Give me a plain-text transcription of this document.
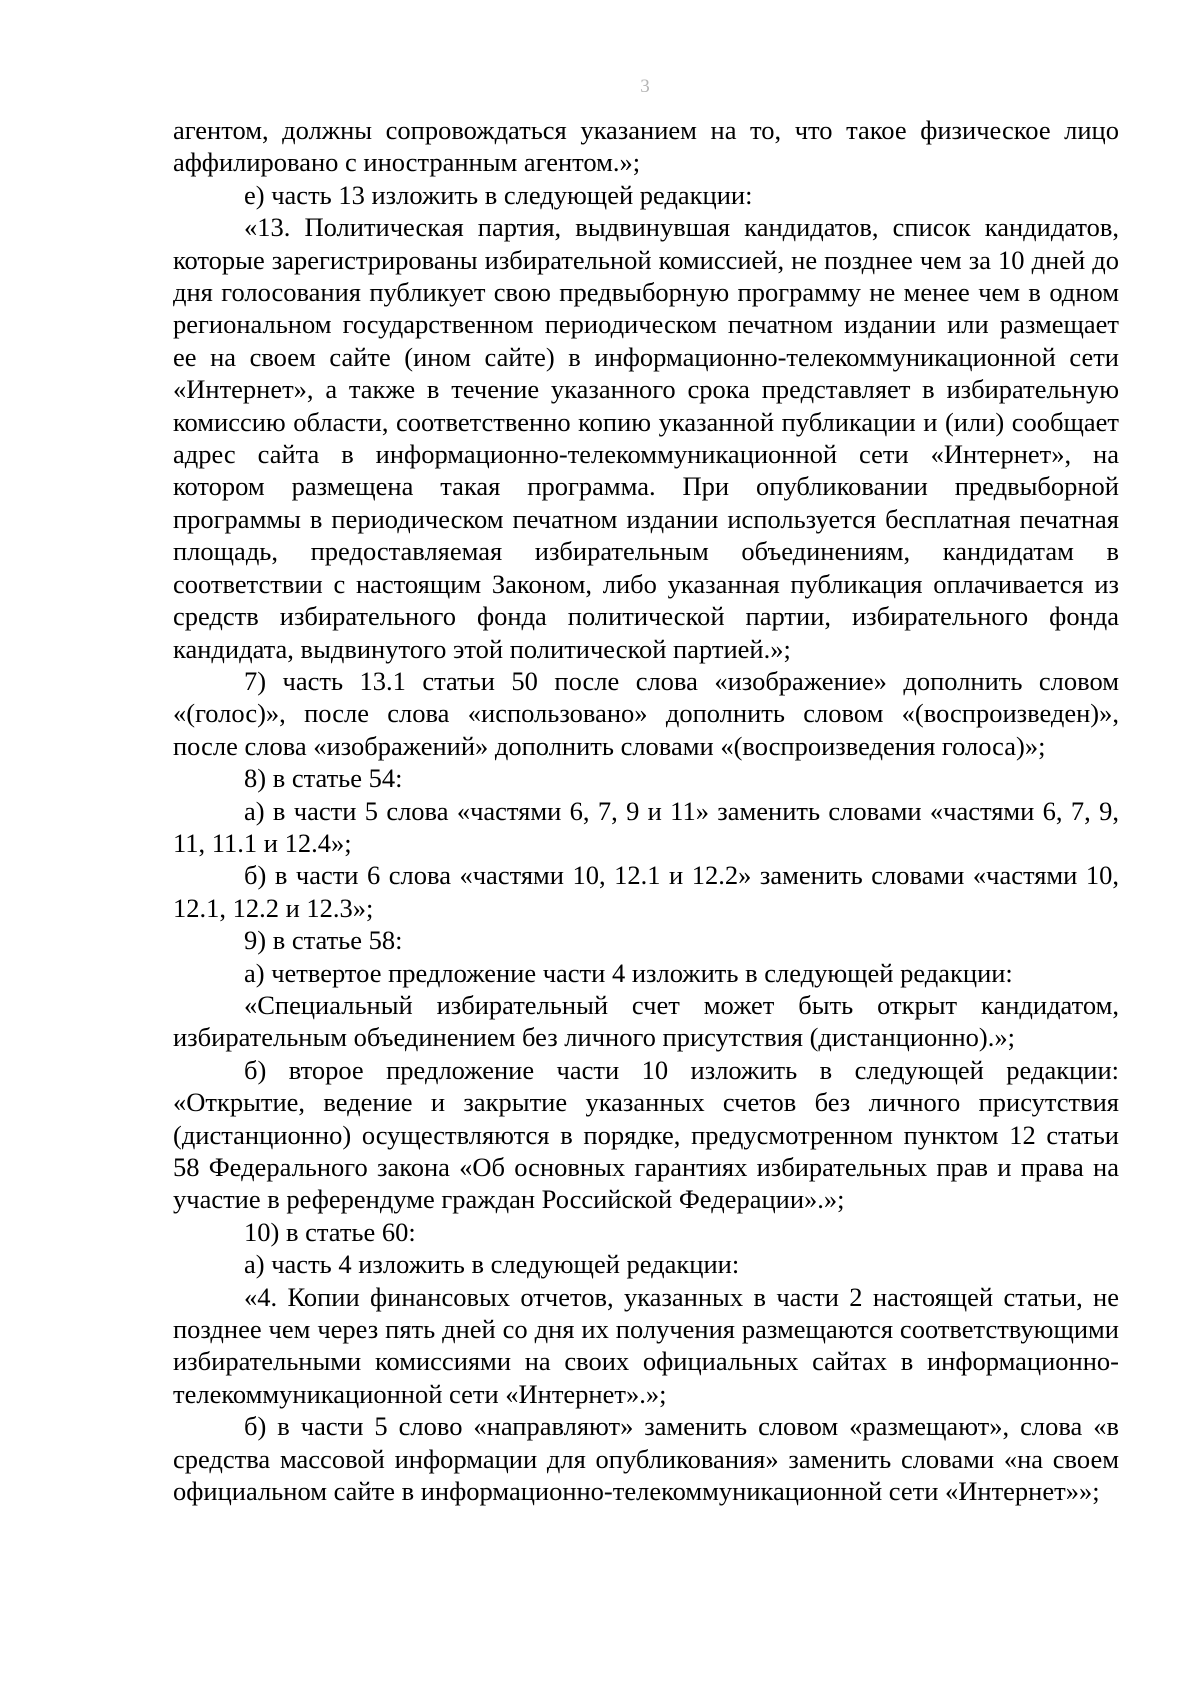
3

агентом, должны сопровождаться указанием на то, что такое физическое лицо аффилировано с иностранным агентом.»;

е) часть 13 изложить в следующей редакции:

«13. Политическая партия, выдвинувшая кандидатов, список кандидатов, которые зарегистрированы избирательной комиссией, не позднее чем за 10 дней до дня голосования публикует свою предвыборную программу не менее чем в одном региональном государственном периодическом печатном издании или размещает ее на своем сайте (ином сайте) в информационно-телекоммуникационной сети «Интернет», а также в течение указанного срока представляет в избирательную комиссию области, соответственно копию указанной публикации и (или) сообщает адрес сайта в информационно-телекоммуникационной сети «Интернет», на котором размещена такая программа. При опубликовании предвыборной программы в периодическом печатном издании используется бесплатная печатная площадь, предоставляемая избирательным объединениям, кандидатам в соответствии с настоящим Законом, либо указанная публикация оплачивается из средств избирательного фонда политической партии, избирательного фонда кандидата, выдвинутого этой политической партией.»;

7) часть 13.1 статьи 50 после слова «изображение» дополнить словом «(голос)», после слова «использовано» дополнить словом «(воспроизведен)», после слова «изображений» дополнить словами «(воспроизведения голоса)»;

8) в статье 54:

а) в части 5 слова «частями 6, 7, 9 и 11» заменить словами «частями 6, 7, 9, 11, 11.1 и 12.4»;

б) в части 6 слова «частями 10, 12.1 и 12.2» заменить словами «частями 10, 12.1, 12.2 и 12.3»;

9) в статье 58:

а) четвертое предложение части 4 изложить в следующей редакции:

«Специальный избирательный счет может быть открыт кандидатом, избирательным объединением без личного присутствия (дистанционно).»;

б) второе предложение части 10 изложить в следующей редакции: «Открытие, ведение и закрытие указанных счетов без личного присутствия (дистанционно) осуществляются в порядке, предусмотренном пунктом 12 статьи 58 Федерального закона «Об основных гарантиях избирательных прав и права на участие в референдуме граждан Российской Федерации».»;

10) в статье 60:

а) часть 4 изложить в следующей редакции:

«4. Копии финансовых отчетов, указанных в части 2 настоящей статьи, не позднее чем через пять дней со дня их получения размещаются соответствующими избирательными комиссиями на своих официальных сайтах в информационно-телекоммуникационной сети «Интернет».»;

б) в части 5 слово «направляют» заменить словом «размещают», слова «в средства массовой информации для опубликования» заменить словами «на своем официальном сайте в информационно-телекоммуникационной сети «Интернет»»;
